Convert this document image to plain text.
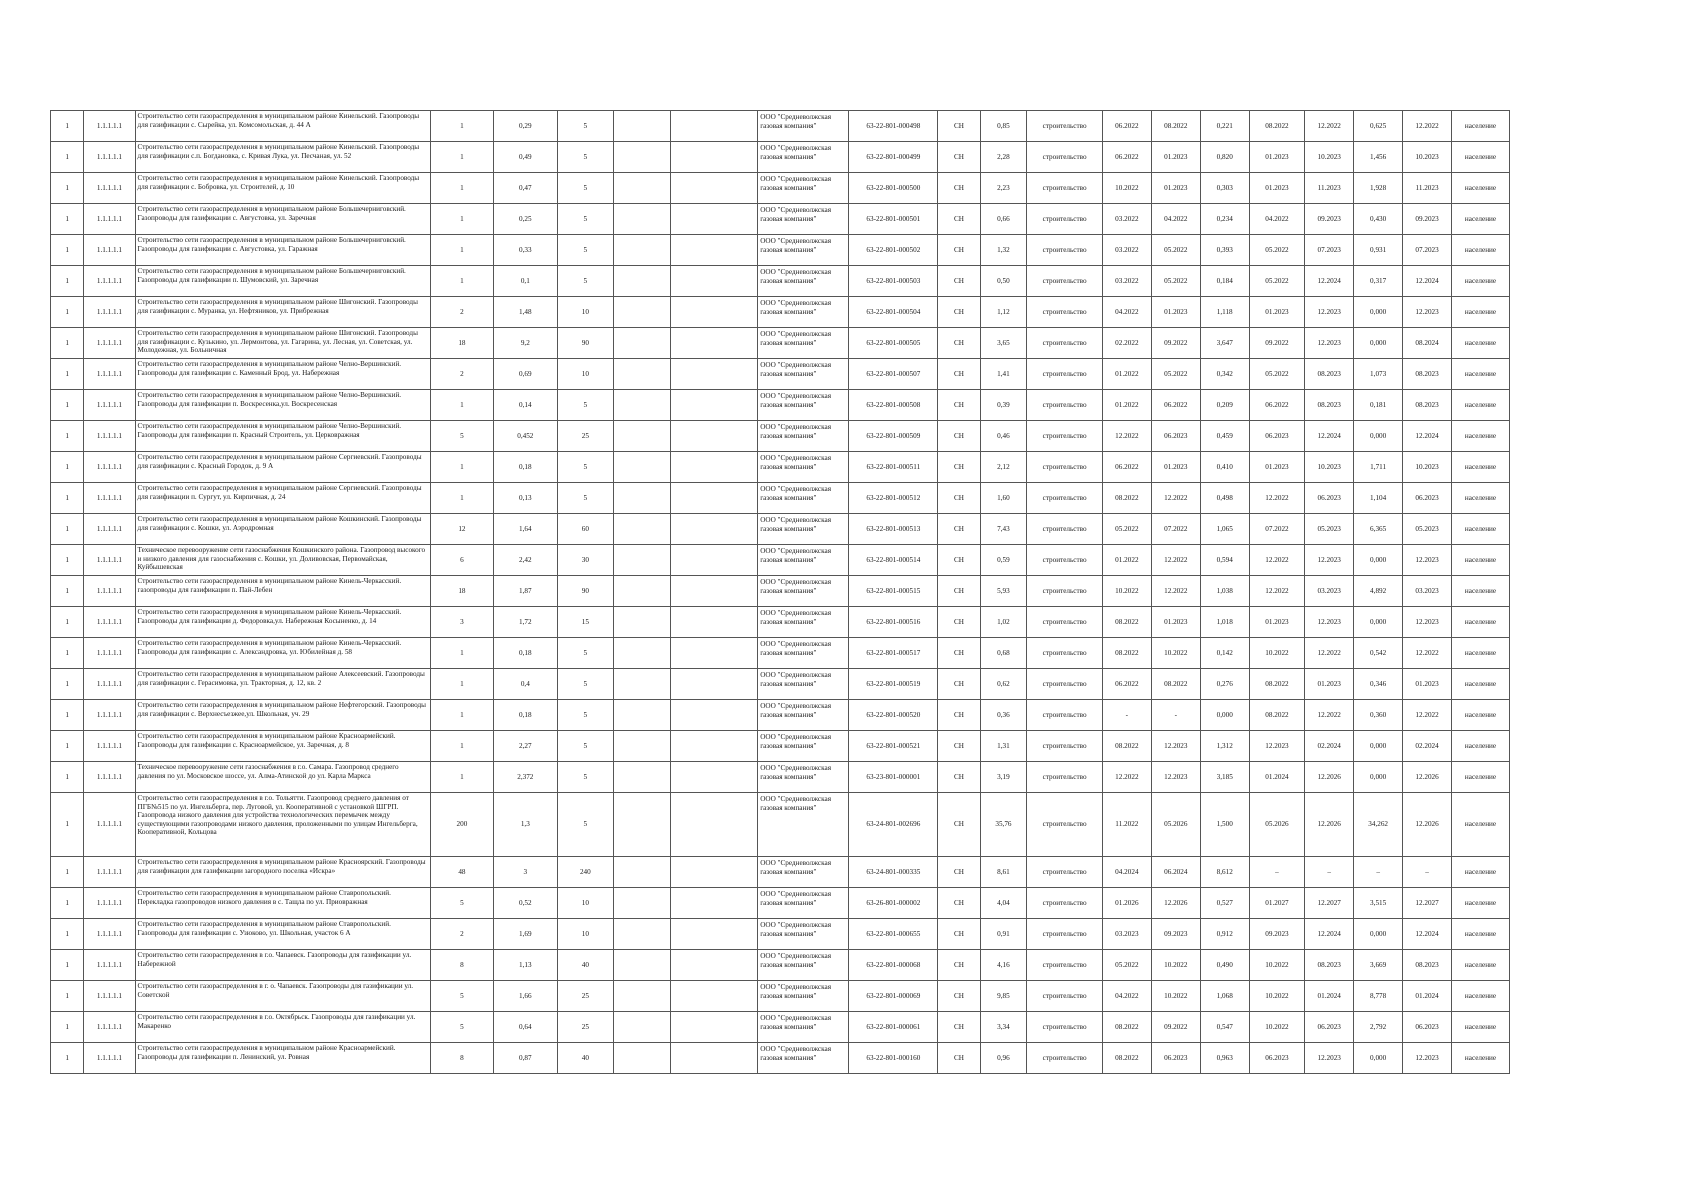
1	1.1.1.1.1	Строительство сети газораспределения в муниципальном районе Кинельский. Газопроводы для газификации с. Сырейка, ул. Комсомольская, д. 44 А	1	0,29	5			ООО "Средневолжская газовая компания"	63-22-801-000498	СН	0,85	строительство	06.2022	08.2022	0,221	08.2022	12.2022	0,625	12.2022	население
1	1.1.1.1.1	Строительство сети газораспределения в муниципальном районе Кинельский. Газопроводы для газификации с.п. Богдановка, с. Кривая Лука, ул. Песчаная, ул. 52	1	0,49	5			ООО "Средневолжская газовая компания"	63-22-801-000499	СН	2,28	строительство	06.2022	01.2023	0,820	01.2023	10.2023	1,456	10.2023	население
1	1.1.1.1.1	Строительство сети газораспределения в муниципальном районе Кинельский. Газопроводы для газификации с. Бобровка, ул. Строителей, д. 10	1	0,47	5			ООО "Средневолжская газовая компания"	63-22-801-000500	СН	2,23	строительство	10.2022	01.2023	0,303	01.2023	11.2023	1,928	11.2023	население
1	1.1.1.1.1	Строительство сети газораспределения в муниципальном районе Большечерниговский. Газопроводы для газификации с. Августовка, ул. Заречная	1	0,25	5			ООО "Средневолжская газовая компания"	63-22-801-000501	СН	0,66	строительство	03.2022	04.2022	0,234	04.2022	09.2023	0,430	09.2023	население
1	1.1.1.1.1	Строительство сети газораспределения в муниципальном районе Большечерниговский. Газопроводы для газификации с. Августовка, ул. Гаражная	1	0,33	5			ООО "Средневолжская газовая компания"	63-22-801-000502	СН	1,32	строительство	03.2022	05.2022	0,393	05.2022	07.2023	0,931	07.2023	население
1	1.1.1.1.1	Строительство сети газораспределения в муниципальном районе Большечерниговский. Газопроводы для газификации п. Шумовский, ул. Заречная	1	0,1	5			ООО "Средневолжская газовая компания"	63-22-801-000503	СН	0,50	строительство	03.2022	05.2022	0,184	05.2022	12.2024	0,317	12.2024	население
1	1.1.1.1.1	Строительство сети газораспределения в муниципальном районе Шигонский. Газопроводы для газификации с. Муранка, ул. Нефтяников, ул. Прибрежная	2	1,48	10			ООО "Средневолжская газовая компания"	63-22-801-000504	СН	1,12	строительство	04.2022	01.2023	1,118	01.2023	12.2023	0,000	12.2023	население
1	1.1.1.1.1	Строительство сети газораспределения в муниципальном районе Шигонский. Газопроводы для газификации с. Кузькино, ул. Лермонтова, ул. Гагарина, ул. Лесная, ул. Советская, ул. Молодежная, ул. Больничная	18	9,2	90			ООО "Средневолжская газовая компания"	63-22-801-000505	СН	3,65	строительство	02.2022	09.2022	3,647	09.2022	12.2023	0,000	08.2024	население
1	1.1.1.1.1	Строительство сети газораспределения в муниципальном районе Челно-Вершинский. Газопроводы для газификации с. Каменный Брод, ул. Набережная	2	0,69	10			ООО "Средневолжская газовая компания"	63-22-801-000507	СН	1,41	строительство	01.2022	05.2022	0,342	05.2022	08.2023	1,073	08.2023	население
1	1.1.1.1.1	Строительство сети газораспределения в муниципальном районе Челно-Вершинский. Газопроводы для газификации п. Воскресенка,ул. Воскресенская	1	0,14	5			ООО "Средневолжская газовая компания"	63-22-801-000508	СН	0,39	строительство	01.2022	06.2022	0,209	06.2022	08.2023	0,181	08.2023	население
1	1.1.1.1.1	Строительство сети газораспределения в муниципальном районе Челно-Вершинский. Газопроводы для газификации п. Красный Строитель, ул. Церковражная	5	0,452	25			ООО "Средневолжская газовая компания"	63-22-801-000509	СН	0,46	строительство	12.2022	06.2023	0,459	06.2023	12.2024	0,000	12.2024	население
1	1.1.1.1.1	Строительство сети газораспределения в муниципальном районе Сергиевский. Газопроводы для газификации с. Красный Городок, д. 9 А	1	0,18	5			ООО "Средневолжская газовая компания"	63-22-801-000511	СН	2,12	строительство	06.2022	01.2023	0,410	01.2023	10.2023	1,711	10.2023	население
1	1.1.1.1.1	Строительство сети газораспределения в муниципальном районе Сергиевский. Газопроводы для газификации п. Сургут, ул. Кирпичная, д. 24	1	0,13	5			ООО "Средневолжская газовая компания"	63-22-801-000512	СН	1,60	строительство	08.2022	12.2022	0,498	12.2022	06.2023	1,104	06.2023	население
1	1.1.1.1.1	Строительство сети газораспределения в муниципальном районе Кошкинский. Газопроводы для газификации с. Кошки, ул. Аэродромная	12	1,64	60			ООО "Средневолжская газовая компания"	63-22-801-000513	СН	7,43	строительство	05.2022	07.2022	1,065	07.2022	05.2023	6,365	05.2023	население
1	1.1.1.1.1	Техническое перевооружение сети газоснабжения Кошкинского района. Газопровод высокого и низкого давления для газоснабжения с. Кошки, ул. Доливовская, Первомайская, Куйбышевская	6	2,42	30			ООО "Средневолжская газовая компания"	63-22-801-000514	СН	0,59	строительство	01.2022	12.2022	0,594	12.2022	12.2023	0,000	12.2023	население
1	1.1.1.1.1	Строительство сети газораспределения в муниципальном районе Кинель-Черкасский. газопроводы для газификации п. Пай-Лебен	18	1,87	90			ООО "Средневолжская газовая компания"	63-22-801-000515	СН	5,93	строительство	10.2022	12.2022	1,038	12.2022	03.2023	4,892	03.2023	население
1	1.1.1.1.1	Строительство сети газораспределения в муниципальном районе Кинель-Черкасский. Газопроводы для газификации д. Федоровка,ул. Набережная Косыненко, д. 14	3	1,72	15			ООО "Средневолжская газовая компания"	63-22-801-000516	СН	1,02	строительство	08.2022	01.2023	1,018	01.2023	12.2023	0,000	12.2023	население
1	1.1.1.1.1	Строительство сети газораспределения в муниципальном районе Кинель-Черкасский. Газопроводы для газификации с. Александровка, ул. Юбилейная д. 58	1	0,18	5			ООО "Средневолжская газовая компания"	63-22-801-000517	СН	0,68	строительство	08.2022	10.2022	0,142	10.2022	12.2022	0,542	12.2022	население
1	1.1.1.1.1	Строительство сети газораспределения в муниципальном районе Алексеевский. Газопроводы для газификации с. Герасимовка, ул. Тракторная, д. 12, кв. 2	1	0,4	5			ООО "Средневолжская газовая компания"	63-22-801-000519	СН	0,62	строительство	06.2022	08.2022	0,276	08.2022	01.2023	0,346	01.2023	население
1	1.1.1.1.1	Строительство сети газораспределения в муниципальном районе Нефтегорский. Газопроводы для газификации с. Верхнесъезжее,ул. Школьная, уч. 29	1	0,18	5			ООО "Средневолжская газовая компания"	63-22-801-000520	СН	0,36	строительство	-	-	0,000	08.2022	12.2022	0,360	12.2022	население
1	1.1.1.1.1	Строительство сети газораспределения в муниципальном районе Красноармейский. Газопроводы для газификации с. Красноармейское, ул. Заречная, д. 8	1	2,27	5			ООО "Средневолжская газовая компания"	63-22-801-000521	СН	1,31	строительство	08.2022	12.2023	1,312	12.2023	02.2024	0,000	02.2024	население
1	1.1.1.1.1	Техническое перевооружение сети газоснабжения в г.о. Самара. Газопровод среднего давления по ул. Московское шоссе, ул. Алма-Атинской до ул. Карла Маркса	1	2,372	5			ООО "Средневолжская газовая компания"	63-23-801-000001	СН	3,19	строительство	12.2022	12.2023	3,185	01.2024	12.2026	0,000	12.2026	население
1	1.1.1.1.1	Строительство сети газораспределения в г.о. Тольятти. Газопровод среднего давления от ПГБ№515 по ул. Ингельберга, пер. Луговой, ул. Кооперативной с установкой ШГРП. Газопровода низкого давления для устройства технологических перемычек между существующими газопроводами низкого давления, проложенными по улицам Ингельберга, Кооперативной, Кольцова	200	1,3	5			ООО "Средневолжская газовая компания"	63-24-801-002696	СН	35,76	строительство	11.2022	05.2026	1,500	05.2026	12.2026	34,262	12.2026	население
1	1.1.1.1.1	Строительство сети газораспределения в муниципальном районе Красноярский. Газопроводы для газификации для газификации загородного поселка «Искра»	48	3	240			ООО "Средневолжская газовая компания"	63-24-801-000335	СН	8,61	строительство	04.2024	06.2024	8,612	–	–	–	–	население
1	1.1.1.1.1	Строительство сети газораспределения в муниципальном районе Ставропольский. Перекладка газопроводов низкого давления в с. Тащла по ул. Приовражная	5	0,52	10			ООО "Средневолжская газовая компания"	63-26-801-000002	СН	4,04	строительство	01.2026	12.2026	0,527	01.2027	12.2027	3,515	12.2027	население
1	1.1.1.1.1	Строительство сети газораспределения в муниципальном районе Ставропольский. Газопроводы для газификации с. Узюково, ул. Школьная, участок 6 А	2	1,69	10			ООО "Средневолжская газовая компания"	63-22-801-000655	СН	0,91	строительство	03.2023	09.2023	0,912	09.2023	12.2024	0,000	12.2024	население
1	1.1.1.1.1	Строительство сети газораспределения в г.о. Чапаевск. Газопроводы для газификации ул. Набережной	8	1,13	40			ООО "Средневолжская газовая компания"	63-22-801-000068	СН	4,16	строительство	05.2022	10.2022	0,490	10.2022	08.2023	3,669	08.2023	население
1	1.1.1.1.1	Строительство сети газораспределения в г. о. Чапаевск. Газопроводы для газификации ул. Советской	5	1,66	25			ООО "Средневолжская газовая компания"	63-22-801-000069	СН	9,85	строительство	04.2022	10.2022	1,068	10.2022	01.2024	8,778	01.2024	население
1	1.1.1.1.1	Строительство сети газораспределения в г.о. Октябрьск. Газопроводы для газификации ул. Макаренко	5	0,64	25			ООО "Средневолжская газовая компания"	63-22-801-000061	СН	3,34	строительство	08.2022	09.2022	0,547	10.2022	06.2023	2,792	06.2023	население
1	1.1.1.1.1	Строительство сети газораспределения в муниципальном районе Красноармейский. Газопроводы для газификации п. Ленинский, ул. Ровная	8	0,87	40			ООО "Средневолжская газовая компания"	63-22-801-000160	СН	0,96	строительство	08.2022	06.2023	0,963	06.2023	12.2023	0,000	12.2023	население
